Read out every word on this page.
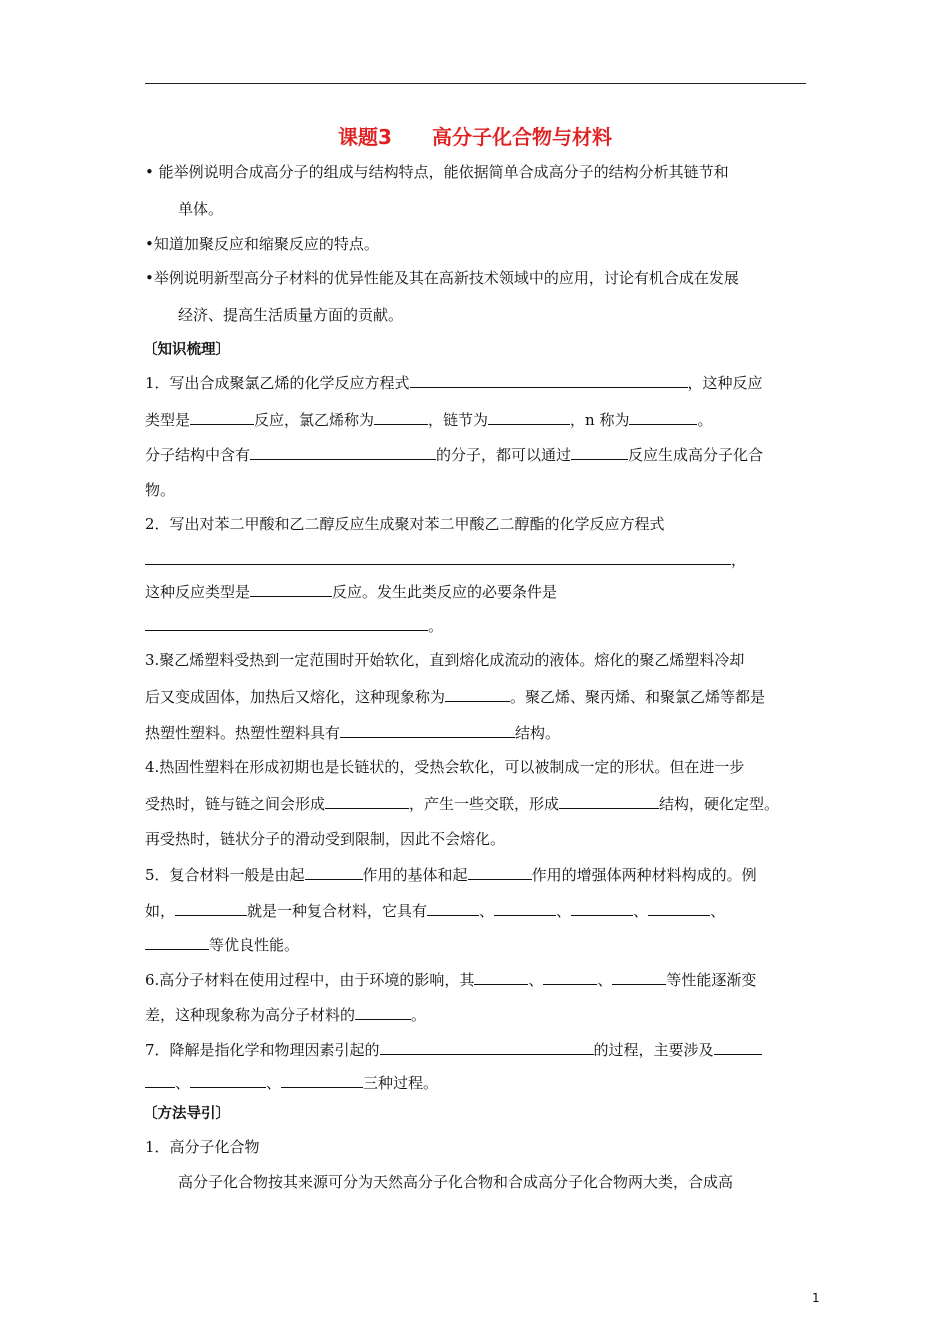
课题3 高分子化合物与材料
• 能举例说明合成高分子的组成与结构特点，能依据简单合成高分子的结构分析其链节和
单体。
•知道加聚反应和缩聚反应的特点。
•举例说明新型高分子材料的优异性能及其在高新技术领域中的应用，讨论有机合成在发展
经济、提高生活质量方面的贡献。
〔知识梳理〕
1．写出合成聚氯乙烯的化学反应方程式	，这种反应
类型是	反应，氯乙烯称为	，链节为	，n 称为	。
分子结构中含有	的分子，都可以通过	反应生成高分子化合
物。
2．写出对苯二甲酸和乙二醇反应生成聚对苯二甲酸乙二醇酯的化学反应方程式
，
这种反应类型是	反应。发生此类反应的必要条件是
。
3.聚乙烯塑料受热到一定范围时开始软化，直到熔化成流动的液体。熔化的聚乙烯塑料冷却
后又变成固体，加热后又熔化，这种现象称为	。聚乙烯、聚丙烯、和聚氯乙烯等都是
热塑性塑料。热塑性塑料具有	结构。
4.热固性塑料在形成初期也是长链状的，受热会软化，可以被制成一定的形状。但在进一步
受热时，链与链之间会形成	，产生一些交联，形成	结构，硬化定型。
再受热时，链状分子的滑动受到限制，因此不会熔化。
5．复合材料一般是由起	作用的基体和起	作用的增强体两种材料构成的。例
如，	就是一种复合材料，它具有	、	、	、	、
等优良性能。
6.高分子材料在使用过程中，由于环境的影响，其	、	、	等性能逐渐变
差，这种现象称为高分子材料的	。
7．降解是指化学和物理因素引起的	的过程，主要涉及
、	、	三种过程。
〔方法导引〕
1．高分子化合物
高分子化合物按其来源可分为天然高分子化合物和合成高分子化合物两大类，合成高
1
